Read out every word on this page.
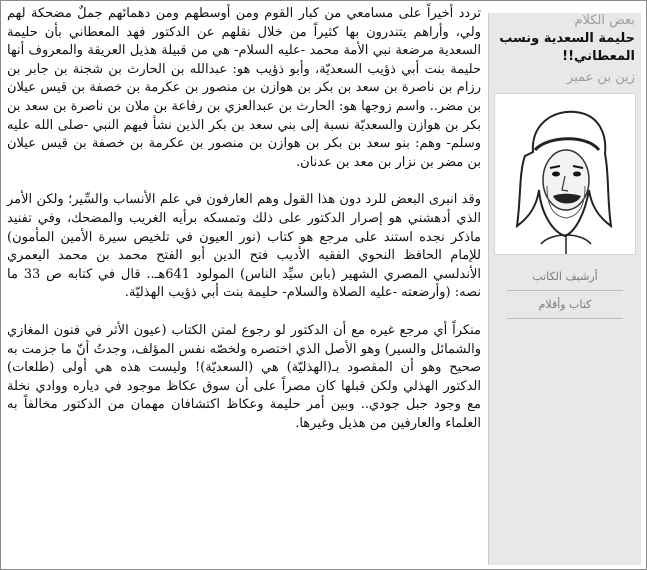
تردد أخيراً على مسامعي من كبار القوم ومن أوسطهم ومن دهمائهم جملٌ مضحكة لهم ولي، وأراهم يتندرون بها كثيراً من خلال نقلهم عن الدكتور فهد المعطاني بأن حليمة السعدية مرضعة نبي الأمة محمد -عليه السلام- هي من قبيلة هذيل العريقة والمعروف أنها حليمة بنت أبي ذؤيب السعديّة، وأبو ذؤيب هو: عبدالله بن الحارث بن شجنة بن جابر بن رزام بن ناصرة بن سعد بن بكر بن هوازن بن منصور بن عكرمة بن خصفة بن قيس عيلان بن مضر.. واسم زوجها هو: الحارث بن عبدالعزي بن رفاعة بن ملان بن ناصرة بن سعد بن بكر بن هوازن والسعديّة نسبة إلى بني سعد بن بكر الذين نشأ فيهم النبي -صلى الله عليه وسلم- وهم: بنو سعد بن بكر بن هوازن بن منصور بن عكرمة بن خصفة بن قيس عيلان بن مضر بن نزار بن معد بن عدنان.

وقد انبرى البعض للرد دون هذا القول وهم العارفون في علم الأنساب والسِّير؛ ولكن الأمر الذي أدهشني هو إصرار الدكتور على ذلك وتمسكه برأيه الغريب والمضحك، وفي تفنيد ماذكر نجده استند على مرجع هو كتاب (نور العيون في تلخيص سيرة الأمين المأمون) للإمام الحافظ النحوي الفقيه الأديب فتح الدين أبو الفتح محمد بن محمد اليعمري الأندلسي المصري الشهير (بابن سيِّد الناس) المولود 641هـ.. قال في كتابه ص 33 ما نصه: (وأرضعته -عليه الصلاة والسلام- حليمة بنت أبي ذؤيب الهذليّة.

منكراً أي مرجع غيره مع أن الدكتور لو رجوع لمتن الكتاب (عيون الأثر في فنون المغازي والشمائل والسير) وهو الأصل الذي اختصره ولخصّه نفس المؤلف، وجدتُ أنّ ما جزمت به صحيح وهو أن المقصود بـ(الهذليّة) هي (السعديّة)! وليست هذه هي أولى (طلعات) الدكتور الهذلي ولكن قبلها كان مصراً على أن سوق عكاظ موجود في دياره ووادي نخلة مع وجود جبل جودي.. وبين أمر حليمة وعكاظ اكتشافان مهمان من الدكتور مخالفاً به العلماء والعارفين من هذيل وغيرها.

بعض الكلام
حليمة السعدية ونسب المعطاني!!
زين بن عمير
أرشيف الكاتب
كتاب وأقلام
